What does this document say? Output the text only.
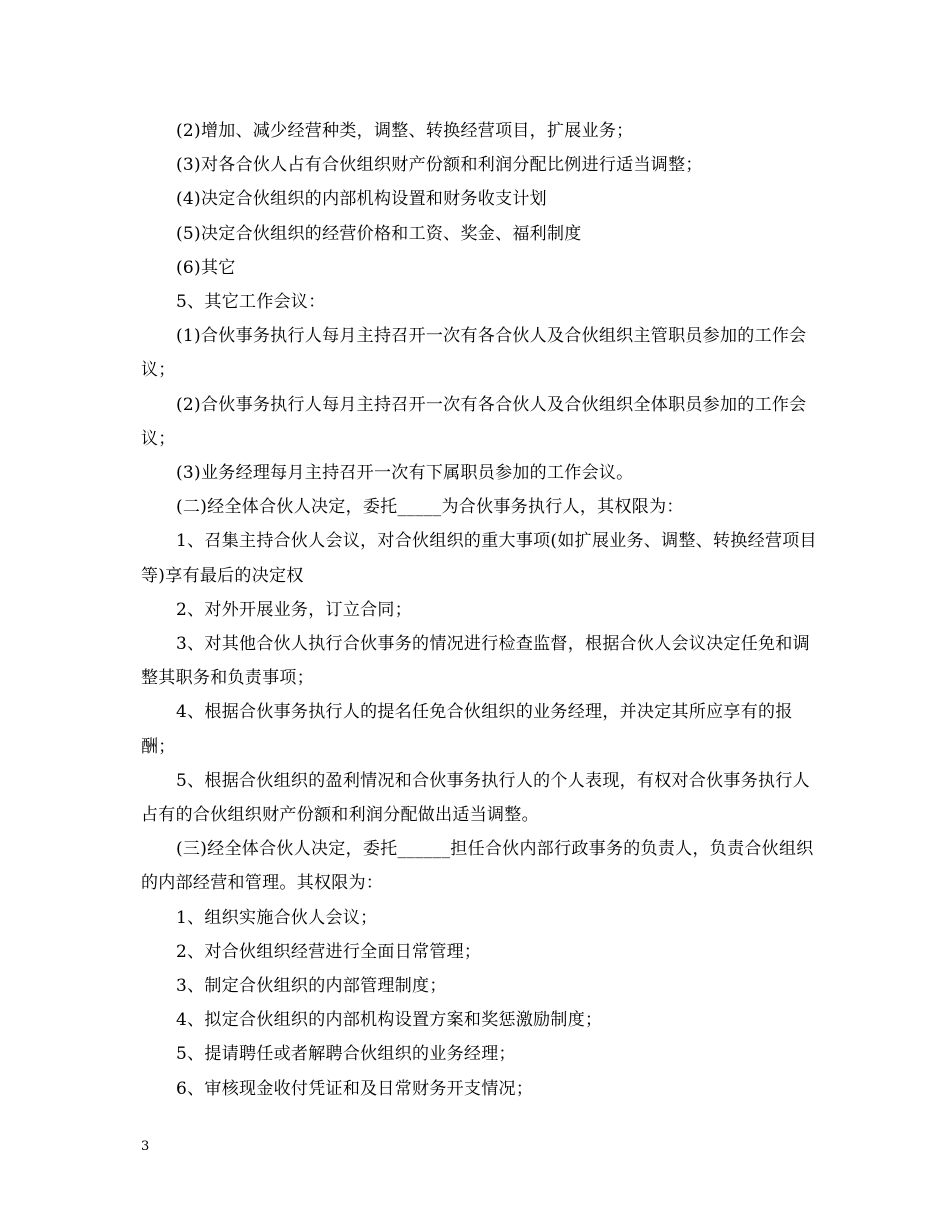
(2)增加、减少经营种类，调整、转换经营项目，扩展业务；

(3)对各合伙人占有合伙组织财产份额和利润分配比例进行适当调整；

(4)决定合伙组织的内部机构设置和财务收支计划

(5)决定合伙组织的经营价格和工资、奖金、福利制度

(6)其它

5、其它工作会议：

(1)合伙事务执行人每月主持召开一次有各合伙人及合伙组织主管职员参加的工作会议；

(2)合伙事务执行人每月主持召开一次有各合伙人及合伙组织全体职员参加的工作会议；

(3)业务经理每月主持召开一次有下属职员参加的工作会议。

(二)经全体合伙人决定，委托_____为合伙事务执行人，其权限为：

1、召集主持合伙人会议，对合伙组织的重大事项(如扩展业务、调整、转换经营项目等)享有最后的决定权

2、对外开展业务，订立合同；

3、对其他合伙人执行合伙事务的情况进行检查监督，根据合伙人会议决定任免和调整其职务和负责事项；

4、根据合伙事务执行人的提名任免合伙组织的业务经理，并决定其所应享有的报酬；

5、根据合伙组织的盈利情况和合伙事务执行人的个人表现，有权对合伙事务执行人占有的合伙组织财产份额和利润分配做出适当调整。

(三)经全体合伙人决定，委托______担任合伙内部行政事务的负责人，负责合伙组织的内部经营和管理。其权限为：

1、组织实施合伙人会议；

2、对合伙组织经营进行全面日常管理；

3、制定合伙组织的内部管理制度；

4、拟定合伙组织的内部机构设置方案和奖惩激励制度；

5、提请聘任或者解聘合伙组织的业务经理；

6、审核现金收付凭证和及日常财务开支情况；

3
